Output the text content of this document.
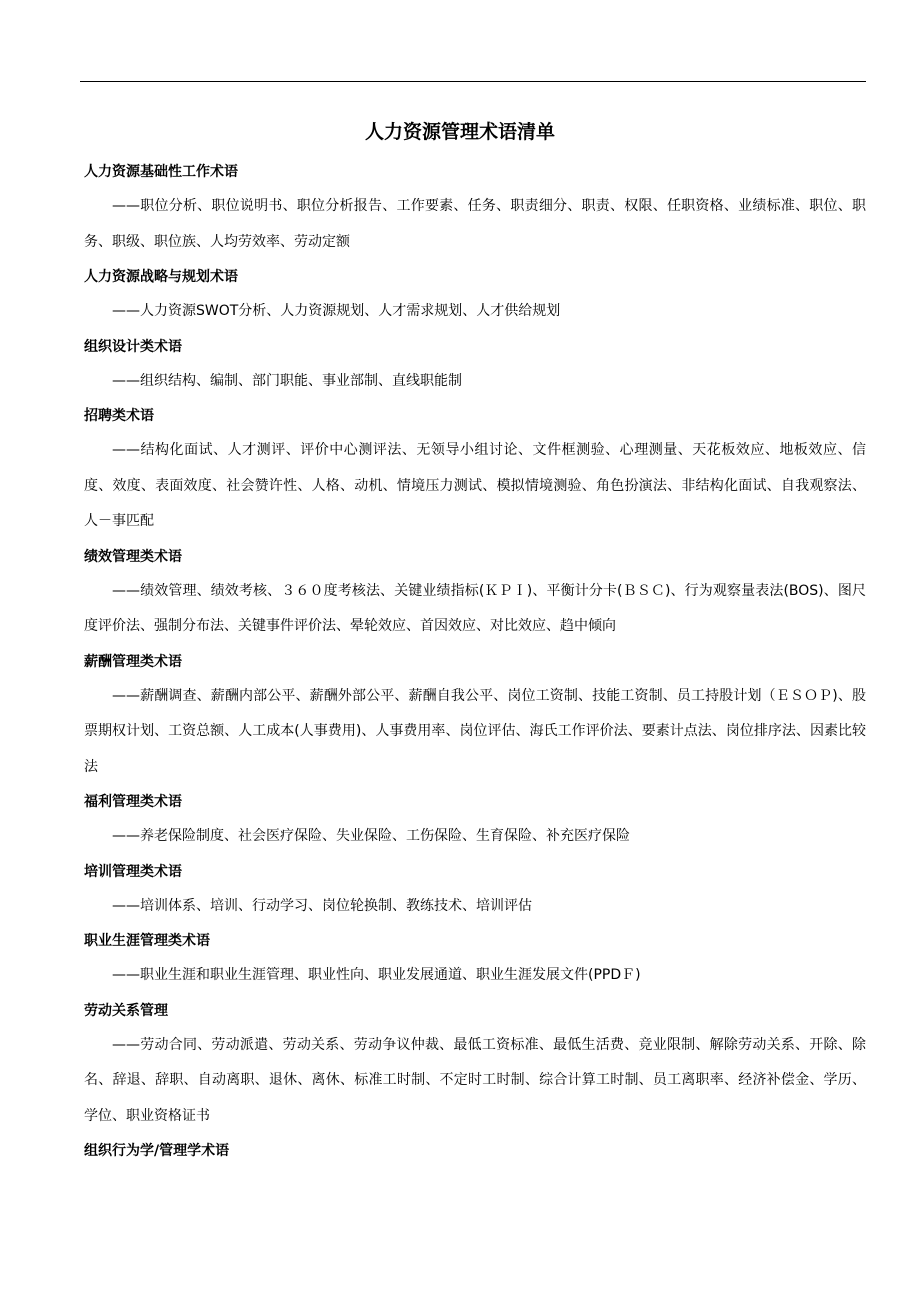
人力资源管理术语清单
人力资源基础性工作术语

——职位分析、职位说明书、职位分析报告、工作要素、任务、职责细分、职责、权限、任职资格、业绩标准、职位、职务、职级、职位族、人均劳效率、劳动定额

人力资源战略与规划术语

——人力资源SWOT分析、人力资源规划、人才需求规划、人才供给规划

组织设计类术语

——组织结构、编制、部门职能、事业部制、直线职能制

招聘类术语

——结构化面试、人才测评、评价中心测评法、无领导小组讨论、文件框测验、心理测量、天花板效应、地板效应、信度、效度、表面效度、社会赞许性、人格、动机、情境压力测试、模拟情境测验、角色扮演法、非结构化面试、自我观察法、人－事匹配

绩效管理类术语

——绩效管理、绩效考核、３６０度考核法、关键业绩指标(ＫＰＩ)、平衡计分卡(ＢＳＣ)、行为观察量表法(BOS)、图尺度评价法、强制分布法、关键事件评价法、晕轮效应、首因效应、对比效应、趋中倾向

薪酬管理类术语

——薪酬调查、薪酬内部公平、薪酬外部公平、薪酬自我公平、岗位工资制、技能工资制、员工持股计划（ＥＳＯＰ)、股票期权计划、工资总额、人工成本(人事费用)、人事费用率、岗位评估、海氏工作评价法、要素计点法、岗位排序法、因素比较法

福利管理类术语

——养老保险制度、社会医疗保险、失业保险、工伤保险、生育保险、补充医疗保险

培训管理类术语

——培训体系、培训、行动学习、岗位轮换制、教练技术、培训评估

职业生涯管理类术语

——职业生涯和职业生涯管理、职业性向、职业发展通道、职业生涯发展文件(PPDＦ)

劳动关系管理

——劳动合同、劳动派遣、劳动关系、劳动争议仲裁、最低工资标准、最低生活费、竞业限制、解除劳动关系、开除、除名、辞退、辞职、自动离职、退休、离休、标准工时制、不定时工时制、综合计算工时制、员工离职率、经济补偿金、学历、学位、职业资格证书

组织行为学/管理学术语
